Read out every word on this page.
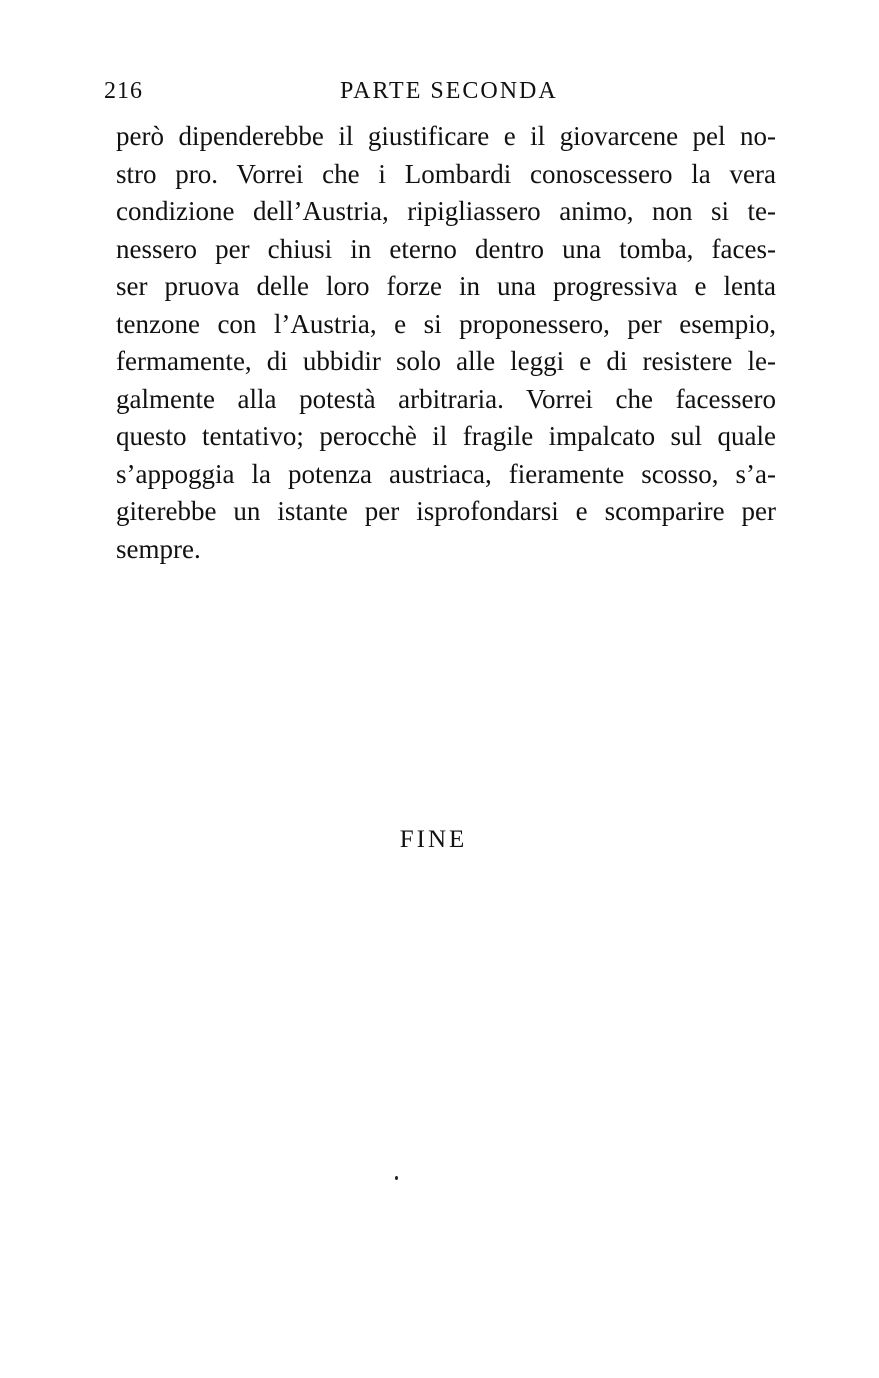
216	PARTE SECONDA
però dipenderebbe il giustificare e il giovarcene pel no-
stro pro. Vorrei che i Lombardi conoscessero la vera
condizione dell’Austria, ripigliassero animo, non si te-
nessero per chiusi in eterno dentro una tomba, faces-
ser pruova delle loro forze in una progressiva e lenta
tenzone con l’Austria, e si proponessero, per esempio,
fermamente, di ubbidir solo alle leggi e di resistere le-
galmente alla potestà arbitraria. Vorrei che facessero
questo tentativo; perocchè il fragile impalcato sul quale
s’appoggia la potenza austriaca, fieramente scosso, s’a-
giterebbe un istante per isprofondarsi e scomparire per
sempre.
FINE
